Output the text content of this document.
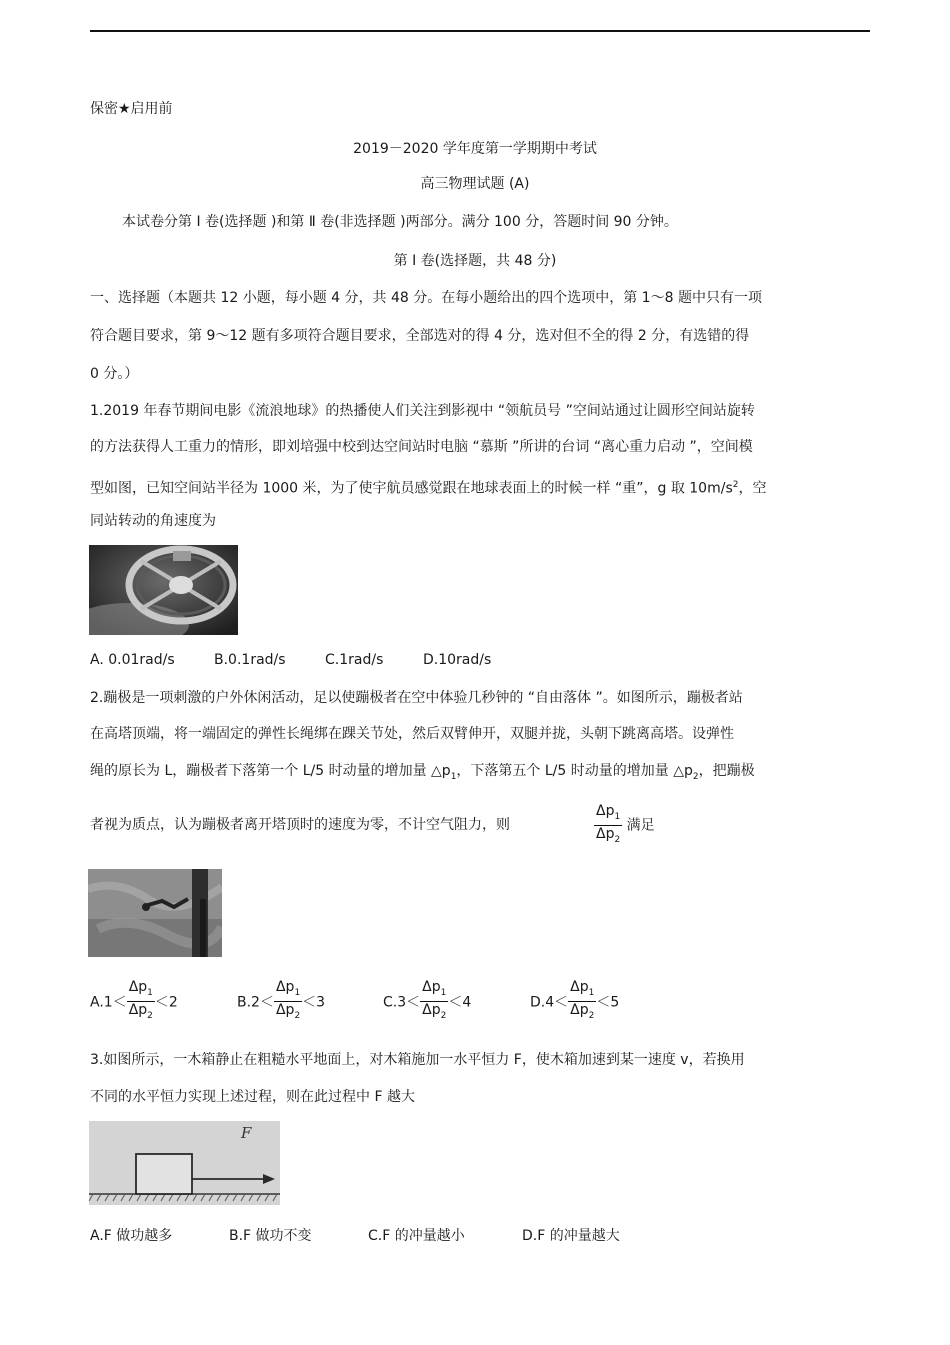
保密★启用前
2019－2020 学年度第一学期期中考试
高三物理试题 (A)
本试卷分第 Ⅰ 卷(选择题 )和第 Ⅱ 卷(非选择题 )两部分。满分 100 分，答题时间 90 分钟。
第 Ⅰ 卷(选择题，共 48 分)
一、选择题（本题共 12 小题，每小题 4 分，共 48 分。在每小题给出的四个选项中，第 1～8 题中只有一项
符合题目要求，第 9～12 题有多项符合题目要求，全部选对的得 4 分，选对但不全的得 2 分，有选错的得
0 分。）
1.2019 年春节期间电影《流浪地球》的热播使人们关注到影视中 “领航员号 ”空间站通过让圆形空间站旋转
的方法获得人工重力的情形，即刘培强中校到达空间站时电脑 “慕斯 ”所讲的台词 “离心重力启动 ”，空间模
型如图，已知空间站半径为 1000 米，为了使宇航员感觉跟在地球表面上的时候一样 “重”，g 取 $10m/s^2$，空
同站转动的角速度为
A. 0.01rad/s	B.0.1rad/s	C.1rad/s	D.10rad/s
2.蹦极是一项刺激的户外休闲活动，足以使蹦极者在空中体验几秒钟的 “自由落体 ”。如图所示，蹦极者站
在高塔顶端，将一端固定的弹性长绳绑在踝关节处，然后双臂伸开，双腿并拢，头朝下跳离高塔。设弹性
绳的原长为 L，蹦极者下落第一个 L/5 时动量的增加量 $\triangle p_1$，下落第五个 L/5 时动量的增加量 $\triangle p_2$，把蹦极
者视为质点，认为蹦极者离开塔顶时的速度为零，不计空气阻力，则	$\frac{\Delta p_1}{\Delta p_2}$ 满足
$A.1< \frac{\Delta p_1}{\Delta p_2} <2$	$B.2< \frac{\Delta p_1}{\Delta p_2} <3$	$C.3< \frac{\Delta p_1}{\Delta p_2} <4$	$D.4< \frac{\Delta p_1}{\Delta p_2} <5$
3.如图所示，一木箱静止在粗糙水平地面上，对木箱施加一水平恒力 F，使木箱加速到某一速度 v，若换用
不同的水平恒力实现上述过程，则在此过程中 F 越大
F
A.F 做功越多	B.F 做功不变	C.F 的冲量越小	D.F 的冲量越大
